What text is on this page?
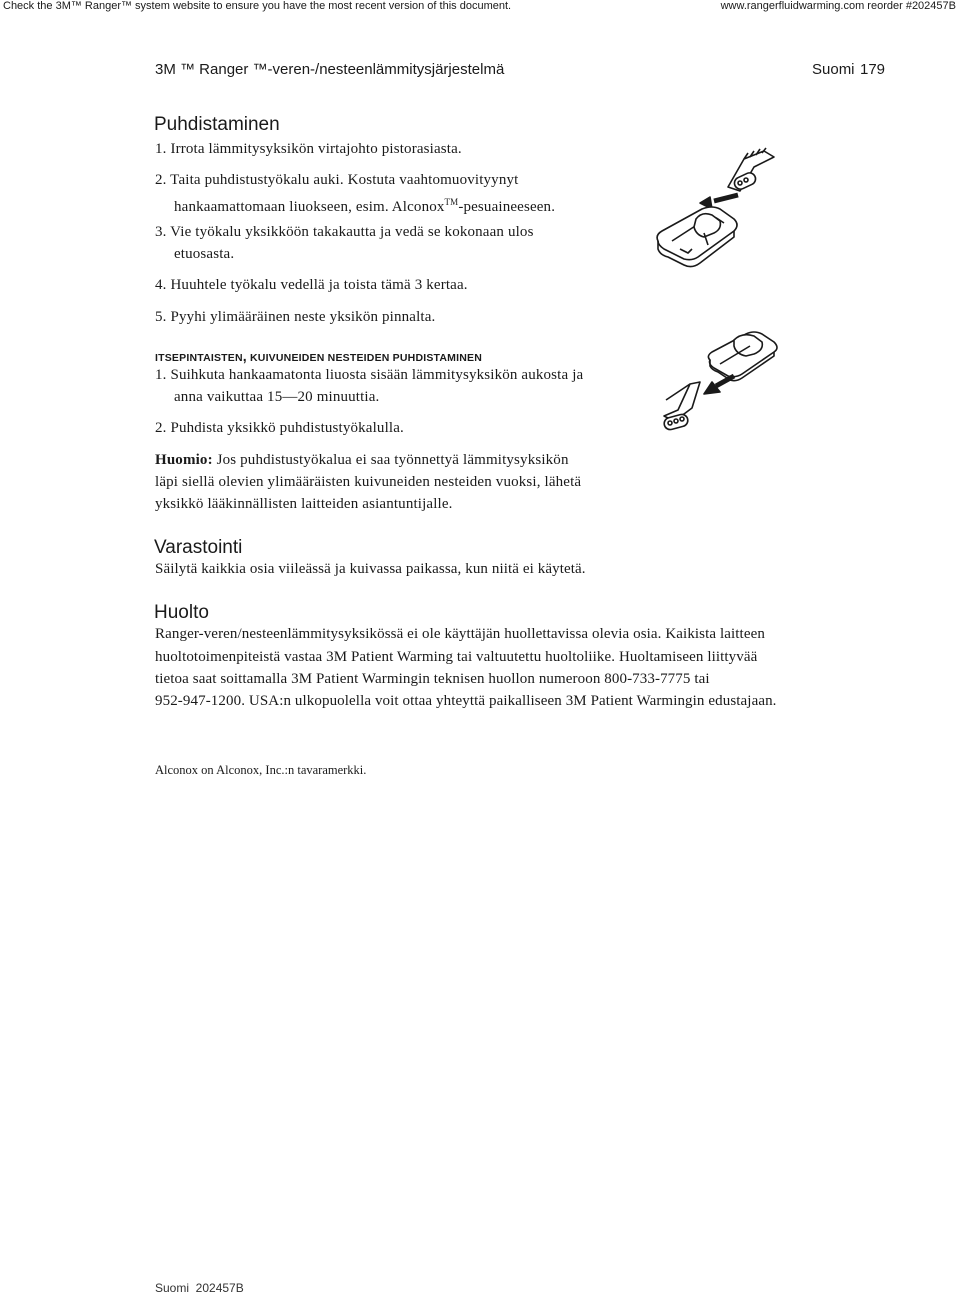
Check the 3M™ Ranger™ system website to ensure you have the most recent version of this document.	www.rangerfluidwarming.com reorder #202457B
3M ™ Ranger ™-veren-/nesteenlämmitysjärjestelmä	Suomi 179
Puhdistaminen
1. Irrota lämmitysyksikön virtajohto pistorasiasta.
2. Taita puhdistustyökalu auki. Kostuta vaahtomuovityynyt
hankaamattomaan liuokseen, esim. Alconox™-pesuaineeseen.
3. Vie työkalu yksikköön takakautta ja vedä se kokonaan ulos
etuosasta.
4. Huuhtele työkalu vedellä ja toista tämä 3 kertaa.
5. Pyyhi ylimääräinen neste yksikön pinnalta.
ITSEPINTAISTEN, KUIVUNEIDEN NESTEIDEN PUHDISTAMINEN
1. Suihkuta hankaamatonta liuosta sisään lämmitysyksikön aukosta ja
anna vaikuttaa 15—20 minuuttia.
2. Puhdista yksikkö puhdistustyökalulla.
Huomio: Jos puhdistustyökalua ei saa työnnettyä lämmitysyksikön
läpi siellä olevien ylimääräisten kuivuneiden nesteiden vuoksi, lähetä
yksikkö lääkinnällisten laitteiden asiantuntijalle.
Varastointi
Säilytä kaikkia osia viileässä ja kuivassa paikassa, kun niitä ei käytetä.
Huolto
Ranger-veren/nesteenlämmitysyksikössä ei ole käyttäjän huollettavissa olevia osia. Kaikista laitteen
huoltotoimenpiteistä vastaa 3M Patient Warming tai valtuutettu huoltoliike. Huoltamiseen liittyvää
tietoa saat soittamalla 3M Patient Warmingin teknisen huollon numeroon 800-733-7775 tai
952-947-1200. USA:n ulkopuolella voit ottaa yhteyttä paikalliseen 3M Patient Warmingin edustajaan.
Alconox on Alconox, Inc.:n tavaramerkki.
Suomi  202457B
